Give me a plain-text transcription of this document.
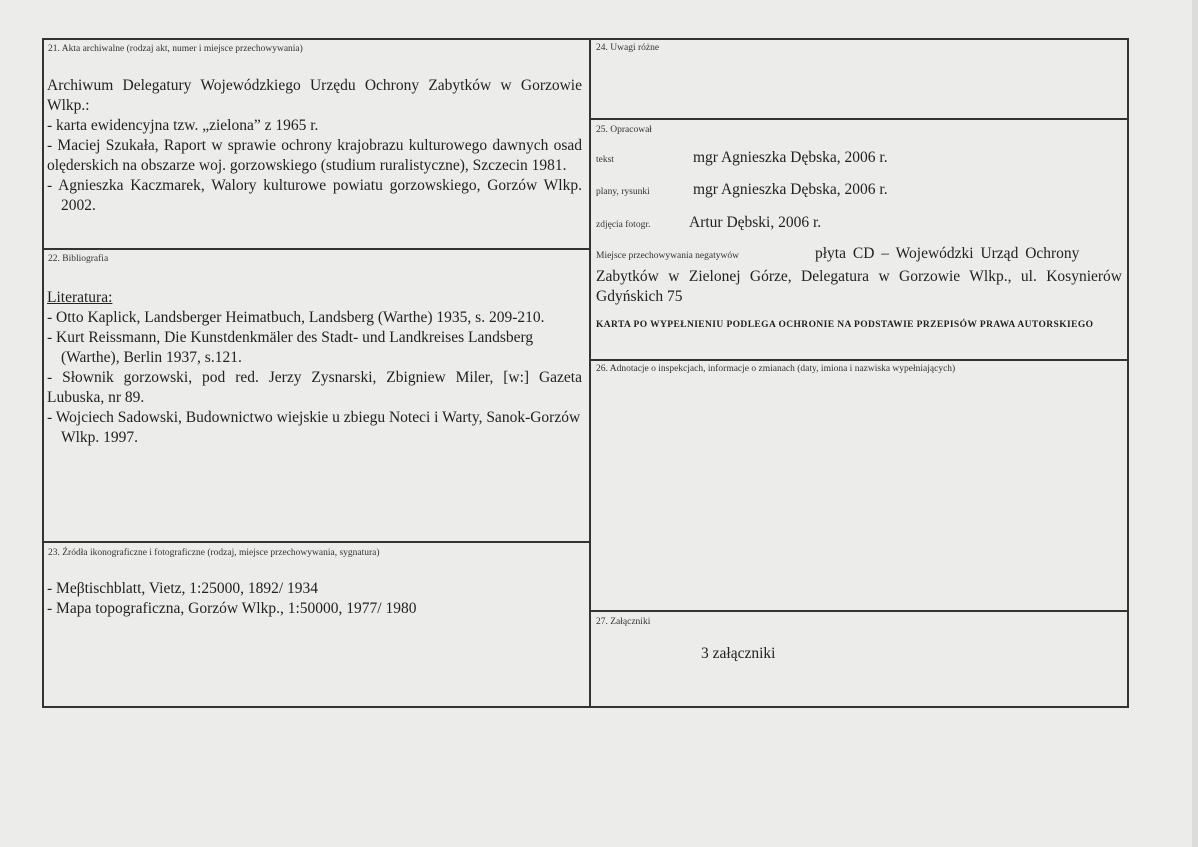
21. Akta archiwalne (rodzaj akt, numer i miejsce przechowywania)

Archiwum Delegatury Wojewódzkiego Urzędu Ochrony Zabytków w Gorzowie Wlkp.:

- karta ewidencyjna tzw. „zielona” z 1965 r.

- Maciej Szukała, Raport w sprawie ochrony krajobrazu kulturowego dawnych osad olęderskich na obszarze woj. gorzowskiego (studium ruralistyczne), Szczecin 1981.

- Agnieszka Kaczmarek, Walory kulturowe powiatu gorzowskiego, Gorzów Wlkp. 2002.

22. Bibliografia

Literatura:

- Otto Kaplick, Landsberger Heimatbuch, Landsberg (Warthe) 1935, s. 209-210.

- Kurt Reissmann, Die Kunstdenkmäler des Stadt- und Landkreises Landsberg (Warthe), Berlin 1937, s.121.

- Słownik gorzowski, pod red. Jerzy Zysnarski, Zbigniew Miler, [w:] Gazeta Lubuska, nr 89.

- Wojciech Sadowski, Budownictwo wiejskie u zbiegu Noteci i Warty, Sanok-Gorzów Wlkp. 1997.

23. Źródła ikonograficzne i fotograficzne (rodzaj, miejsce przechowywania, sygnatura)

- Meβtischblatt, Vietz, 1:25000, 1892/ 1934

- Mapa topograficzna, Gorzów Wlkp., 1:50000, 1977/ 1980

24. Uwagi różne
25. Opracował
tekst	mgr Agnieszka Dębska, 2006 r.
plany, rysunki	mgr Agnieszka Dębska, 2006 r.
zdjęcia fotogr. Artur Dębski, 2006 r.
Miejsce przechowywania negatywów	płyta CD – Wojewódzki Urząd Ochrony
Zabytków w Zielonej Górze, Delegatura w Gorzowie Wlkp., ul. Kosynierów Gdyńskich 75
KARTA PO WYPEŁNIENIU PODLEGA OCHRONIE NA PODSTAWIE PRZEPISÓW PRAWA AUTORSKIEGO
26. Adnotacje o inspekcjach, informacje o zmianach (daty, imiona i nazwiska wypełniających)
27. Załączniki
3 załączniki
